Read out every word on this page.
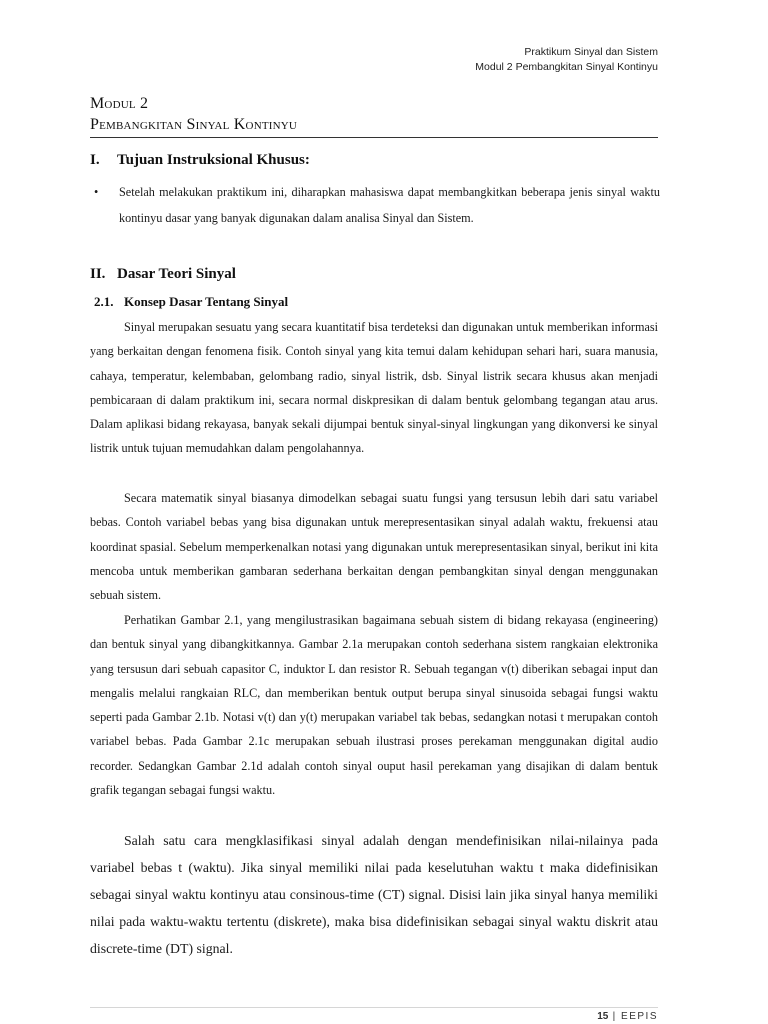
Praktikum Sinyal dan Sistem
Modul 2 Pembangkitan Sinyal Kontinyu
Modul 2
Pembangkitan Sinyal Kontinyu
I. Tujuan Instruksional Khusus:
• Setelah melakukan praktikum ini, diharapkan mahasiswa dapat membangkitkan beberapa jenis sinyal waktu kontinyu dasar yang banyak digunakan dalam analisa Sinyal dan Sistem.
II. Dasar Teori Sinyal
2.1. Konsep Dasar Tentang Sinyal

Sinyal merupakan sesuatu yang secara kuantitatif bisa terdeteksi dan digunakan untuk memberikan informasi yang berkaitan dengan fenomena fisik. Contoh sinyal yang kita temui dalam kehidupan sehari hari, suara manusia, cahaya, temperatur, kelembaban, gelombang radio, sinyal listrik, dsb. Sinyal listrik secara khusus akan menjadi pembicaraan di dalam praktikum ini, secara normal diskpresikan di dalam bentuk gelombang tegangan atau arus. Dalam aplikasi bidang rekayasa, banyak sekali dijumpai bentuk sinyal-sinyal lingkungan yang dikonversi ke sinyal listrik untuk tujuan memudahkan dalam pengolahannya.

Secara matematik sinyal biasanya dimodelkan sebagai suatu fungsi yang tersusun lebih dari satu variabel bebas. Contoh variabel bebas yang bisa digunakan untuk merepresentasikan sinyal adalah waktu, frekuensi atau koordinat spasial. Sebelum memperkenalkan notasi yang digunakan untuk merepresentasikan sinyal, berikut ini kita mencoba untuk memberikan gambaran sederhana berkaitan dengan pembangkitan sinyal dengan menggunakan sebuah sistem.

Perhatikan Gambar 2.1, yang mengilustrasikan bagaimana sebuah sistem di bidang rekayasa (engineering) dan bentuk sinyal yang dibangkitkannya. Gambar 2.1a merupakan contoh sederhana sistem rangkaian elektronika yang tersusun dari sebuah capasitor C, induktor L dan resistor R. Sebuah tegangan v(t) diberikan sebagai input dan mengalis melalui rangkaian RLC, dan memberikan bentuk output berupa sinyal sinusoida sebagai fungsi waktu seperti pada Gambar 2.1b. Notasi v(t) dan y(t) merupakan variabel tak bebas, sedangkan notasi t merupakan contoh variabel bebas. Pada Gambar 2.1c merupakan sebuah ilustrasi proses perekaman menggunakan digital audio recorder. Sedangkan Gambar 2.1d adalah contoh sinyal ouput hasil perekaman yang disajikan di dalam bentuk grafik tegangan sebagai fungsi waktu.

Salah satu cara mengklasifikasi sinyal adalah dengan mendefinisikan nilai-nilainya pada variabel bebas t (waktu). Jika sinyal memiliki nilai pada keselutuhan waktu t maka didefinisikan sebagai sinyal waktu kontinyu atau consinous-time (CT) signal. Disisi lain jika sinyal hanya memiliki nilai pada waktu-waktu tertentu (diskrete), maka bisa didefinisikan sebagai sinyal waktu diskrit atau discrete-time (DT) signal.

15 | EEPIS
